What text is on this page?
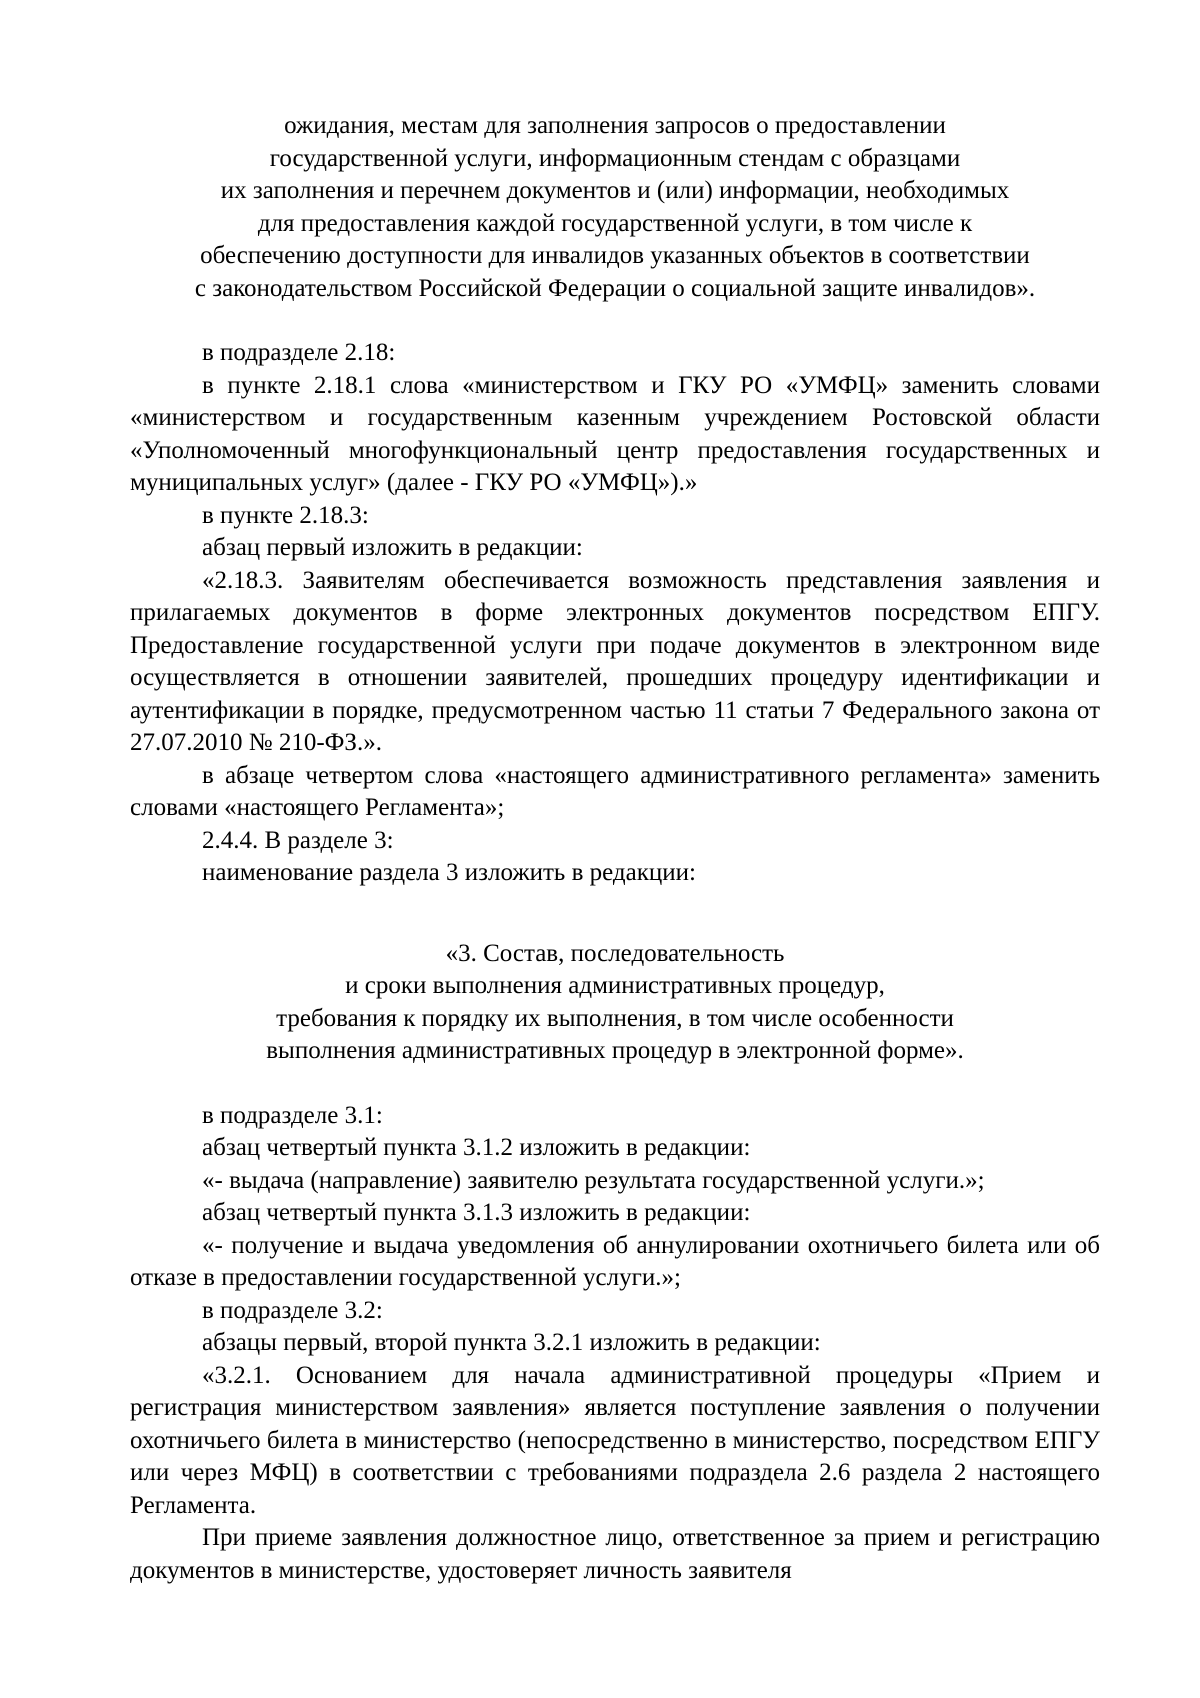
ожидания, местам для заполнения запросов о предоставлении

государственной услуги, информационным стендам с образцами

их заполнения и перечнем документов и (или) информации, необходимых

для предоставления каждой государственной услуги, в том числе к

обеспечению доступности для инвалидов указанных объектов в соответствии

с законодательством Российской Федерации о социальной защите инвалидов».

в подразделе 2.18:

в пункте 2.18.1 слова «министерством и ГКУ РО «УМФЦ» заменить словами «министерством и государственным казенным учреждением Ростовской области «Уполномоченный многофункциональный центр предоставления государственных и муниципальных услуг» (далее - ГКУ РО «УМФЦ»).»

в пункте 2.18.3:

абзац первый изложить в редакции:

«2.18.3. Заявителям обеспечивается возможность представления заявления и прилагаемых документов в форме электронных документов посредством ЕПГУ. Предоставление государственной услуги при подаче документов в электронном виде осуществляется в отношении заявителей, прошедших процедуру идентификации и аутентификации в порядке, предусмотренном частью 11 статьи 7 Федерального закона от 27.07.2010 № 210-ФЗ.».

в абзаце четвертом слова «настоящего административного регламента» заменить словами «настоящего Регламента»;

2.4.4. В разделе 3:

наименование раздела 3 изложить в редакции:

«3. Состав, последовательность

и сроки выполнения административных процедур,

требования к порядку их выполнения, в том числе особенности

выполнения административных процедур в электронной форме».

в подразделе 3.1:

абзац четвертый пункта 3.1.2 изложить в редакции:

«- выдача (направление) заявителю результата государственной услуги.»;

абзац четвертый пункта 3.1.3 изложить в редакции:

«- получение и выдача уведомления об аннулировании охотничьего билета или об отказе в предоставлении государственной услуги.»;

в подразделе 3.2:

абзацы первый, второй пункта 3.2.1 изложить в редакции:

«3.2.1. Основанием для начала административной процедуры «Прием и регистрация министерством заявления» является поступление заявления о получении охотничьего билета в министерство (непосредственно в министерство, посредством ЕПГУ или через МФЦ) в соответствии с требованиями подраздела 2.6 раздела 2 настоящего Регламента.

При приеме заявления должностное лицо, ответственное за прием и регистрацию документов в министерстве, удостоверяет личность заявителя
